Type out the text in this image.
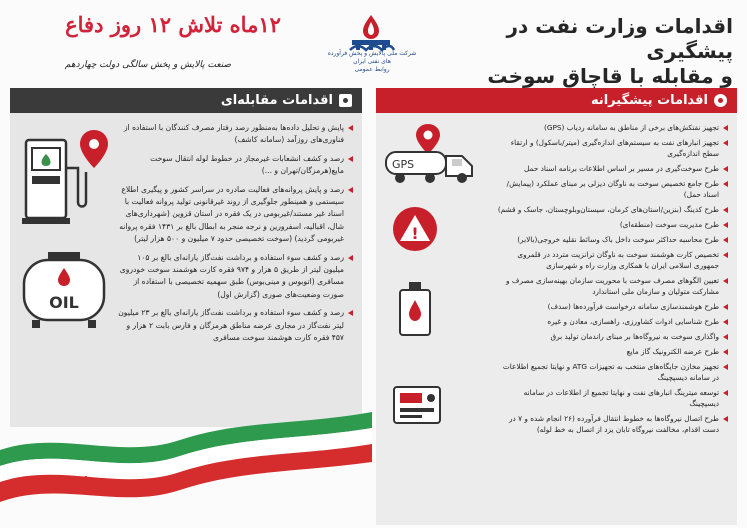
اقدامات وزارت نفت در پیشگیری
و مقابله با قاچاق سوخت
شرکت ملی پالایش و پخش فرآورده های نفتی ایران
روابط عمومی
۱۲ماه تلاش ۱۲ روز دفاع
صنعت پالایش و پخش سالگی دولت چهاردهم
اقدامات پیشگیرانه
تجهیز نفتکش‌های برخی از مناطق به سامانه ردیاب (GPS)
تجهیز انبارهای نفت به سیستم‌های اندازه‌گیری (میتر/باسکول) و ارتقاء سطح اندازه‌گیری
طرح سوخت‌گیری در مسیر بر اساس اطلاعات برنامه اسناد حمل
طرح جامع تخصیص سوخت به ناوگان دیزلی بر مبنای عملکرد (پیمایش/اسناد حمل)
طرح کدینگ (بنزین/استان‌های کرمان، سیستان‌وبلوچستان، جاسک و قشم)
طرح مدیریت سوخت (منطقه‌ای)
طرح محاسبه حداکثر سوخت داخل باک وسائط نقلیه خروجی(بالابر)
تخصیص کارت هوشمند سوخت به ناوگان ترانزیت متردد در قلمروی جمهوری اسلامی ایران با همکاری وزارت راه و شهرسازی
تعیین الگوهای مصرف سوخت با محوریت سازمان بهینه‌سازی مصرف و مشارکت متولیان و سازمان ملی استاندارد
طرح هوشمندسازی سامانه درخواست فرآورده‌ها (سدف)
طرح شناسایی ادوات کشاورزی، راهسازی، معادن و غیره
واگذاری سوخت به نیروگاه‌ها بر مبنای راندمان تولید برق
طرح عرضه الکترونیک گاز مایع
تجهیز مخازن جایگاه‌های منتخب به تجهیزات ATG و نهایتا تجمیع اطلاعات در سامانه دیسپچینگ
توسعه میترینگ انبارهای نفت و نهایتا تجمیع از اطلاعات در سامانه دیسپچینگ
طرح اتصال نیروگاه‌ها به خطوط انتقال فرآورده (۲۶ انجام شده و ۷ در دست اقدام، مخالفت نیروگاه تابان یزد از اتصال به خط لوله)
GPS
!
اقدامات مقابله‌ای
پایش و تحلیل داده‌ها به‌منظور رصد رفتار مصرف کنندگان با استفاده از فناوری‌های روزآمد (سامانه کاشف)
رصد و کشف انشعابات غیرمجاز در خطوط لوله انتقال سوخت مایع(هرمزگان/تهران و ...)
رصد و پایش پروانه‌های فعالیت صادره در سراسر کشور و پیگیری اطلاع سیستمی و همینطور جلوگیری از روند غیرقانونی تولید پروانه فعالیت با اسناد غیر مستند/غیربومی در یک فقره در استان قزوین (شهرداری‌های شال، اقبالیه، اسفرورین و نرجه منجر به ابطال بالغ بر ۱۴۳۱ فقره پروانه غیربومی گردید) (سوخت تخصیصی حدود ۷ میلیون و ۵۰۰ هزار لیتر)
رصد و کشف سوء استفاده و برداشت نفت‌گاز یارانه‌ای بالغ بر ۱۰۵ میلیون لیتر از طریق ۵ هزار و ۹۷۴ فقره کارت هوشمند سوخت خودروی مسافری (اتوبوس و مینی‌بوس) طبق سهمیه تخصیصی با استفاده از صورت وضعیت‌های صوری (گزارش اول)
رصد و کشف سوء استفاده و برداشت نفت‌گاز یارانه‌ای بالغ بر ۲۳ میلیون لیتر نفت‌گاز در مجاری عرضه مناطق هرمزگان و فارس بابت ۲ هزار و ۴۵۷ فقره کارت هوشمند سوخت مسافری
OIL
